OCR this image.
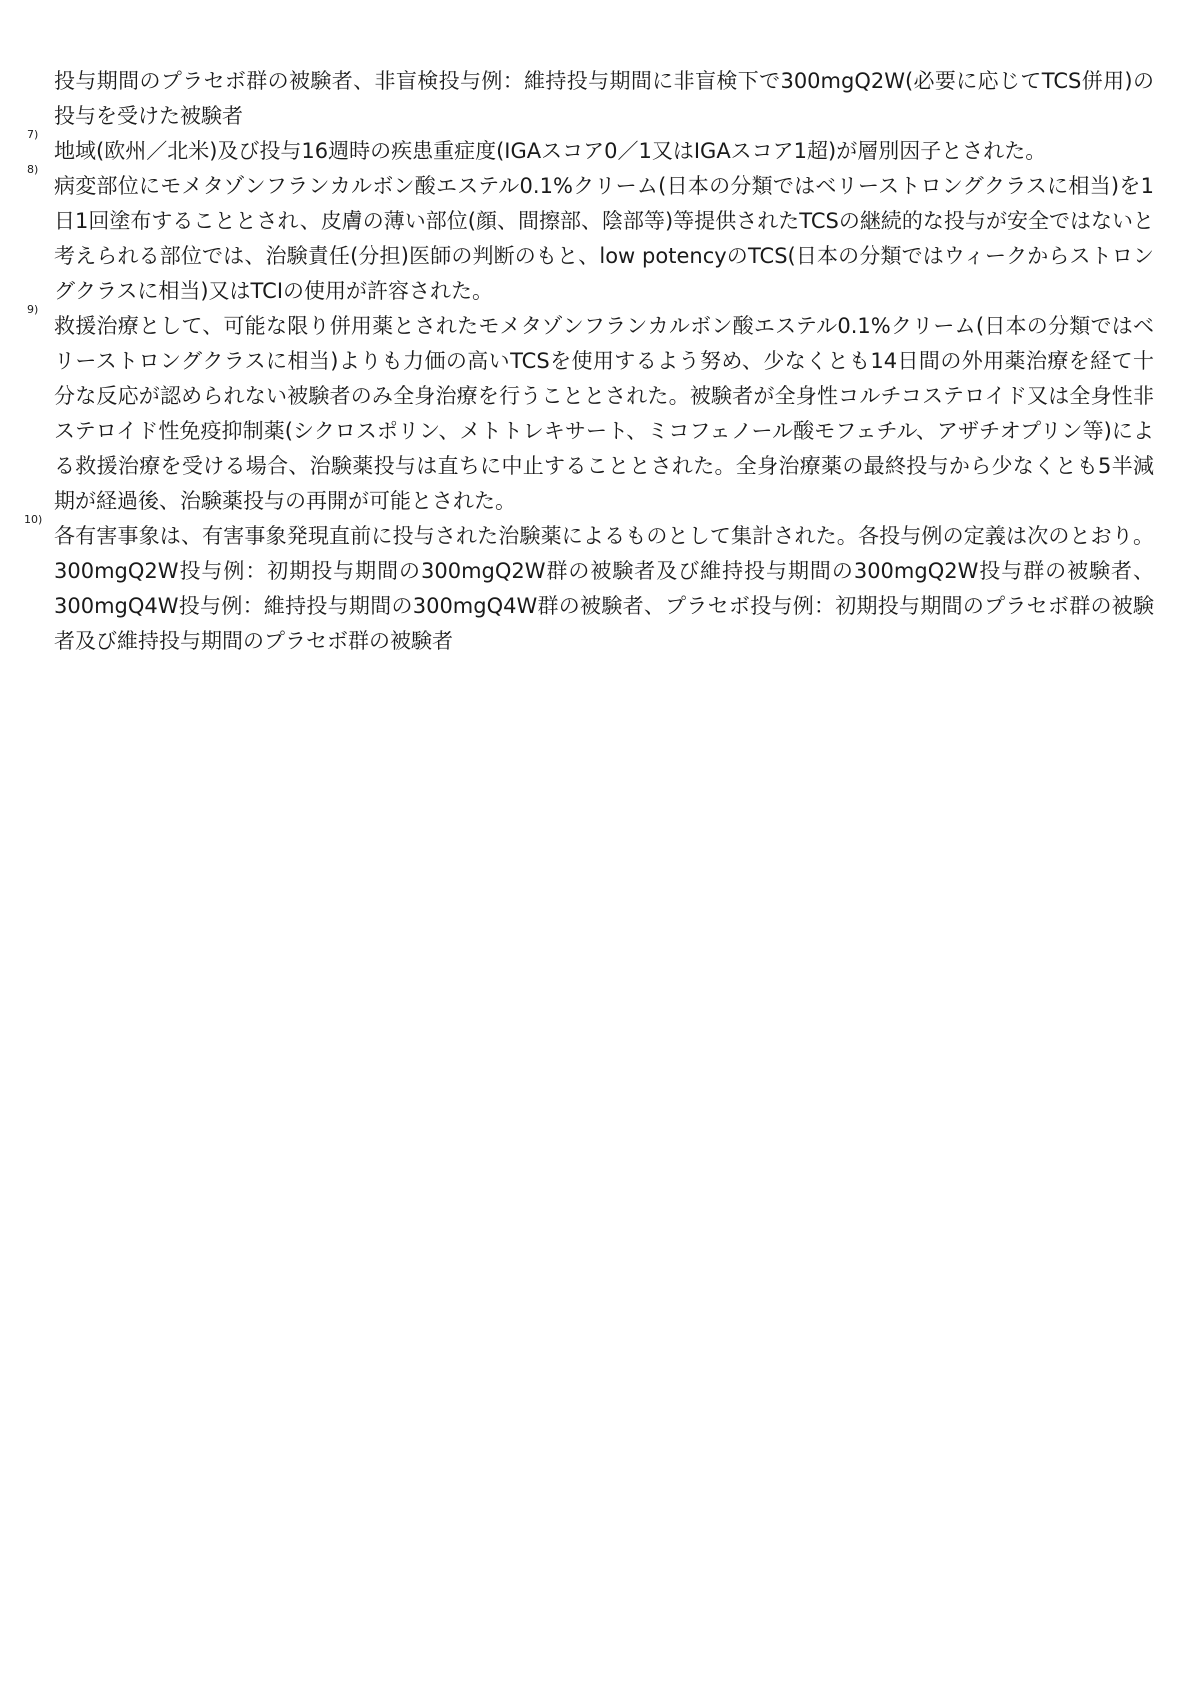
投与期間のプラセボ群の被験者、非盲検投与例：維持投与期間に非盲検下で300mgQ2W(必要に応じてTCS併用)の投与を受けた被験者

7)
地域(欧州／北米)及び投与16週時の疾患重症度(IGAスコア0／1又はIGAスコア1超)が層別因子とされた。
8)
病変部位にモメタゾンフランカルボン酸エステル0.1%クリーム(日本の分類ではベリーストロングクラスに相当)を1日1回塗布することとされ、皮膚の薄い部位(顔、間擦部、陰部等)等提供されたTCSの継続的な投与が安全ではないと考えられる部位では、治験責任(分担)医師の判断のもと、low potencyのTCS(日本の分類ではウィークからストロングクラスに相当)又はTCIの使用が許容された。
9)
救援治療として、可能な限り併用薬とされたモメタゾンフランカルボン酸エステル0.1%クリーム(日本の分類ではベリーストロングクラスに相当)よりも力価の高いTCSを使用するよう努め、少なくとも14日間の外用薬治療を経て十分な反応が認められない被験者のみ全身治療を行うこととされた。被験者が全身性コルチコステロイド又は全身性非ステロイド性免疫抑制薬(シクロスポリン、メトトレキサート、ミコフェノール酸モフェチル、アザチオプリン等)による救援治療を受ける場合、治験薬投与は直ちに中止することとされた。全身治療薬の最終投与から少なくとも5半減期が経過後、治験薬投与の再開が可能とされた。
10)
各有害事象は、有害事象発現直前に投与された治験薬によるものとして集計された。各投与例の定義は次のとおり。300mgQ2W投与例：初期投与期間の300mgQ2W群の被験者及び維持投与期間の300mgQ2W投与群の被験者、300mgQ4W投与例：維持投与期間の300mgQ4W群の被験者、プラセボ投与例：初期投与期間のプラセボ群の被験者及び維持投与期間のプラセボ群の被験者
